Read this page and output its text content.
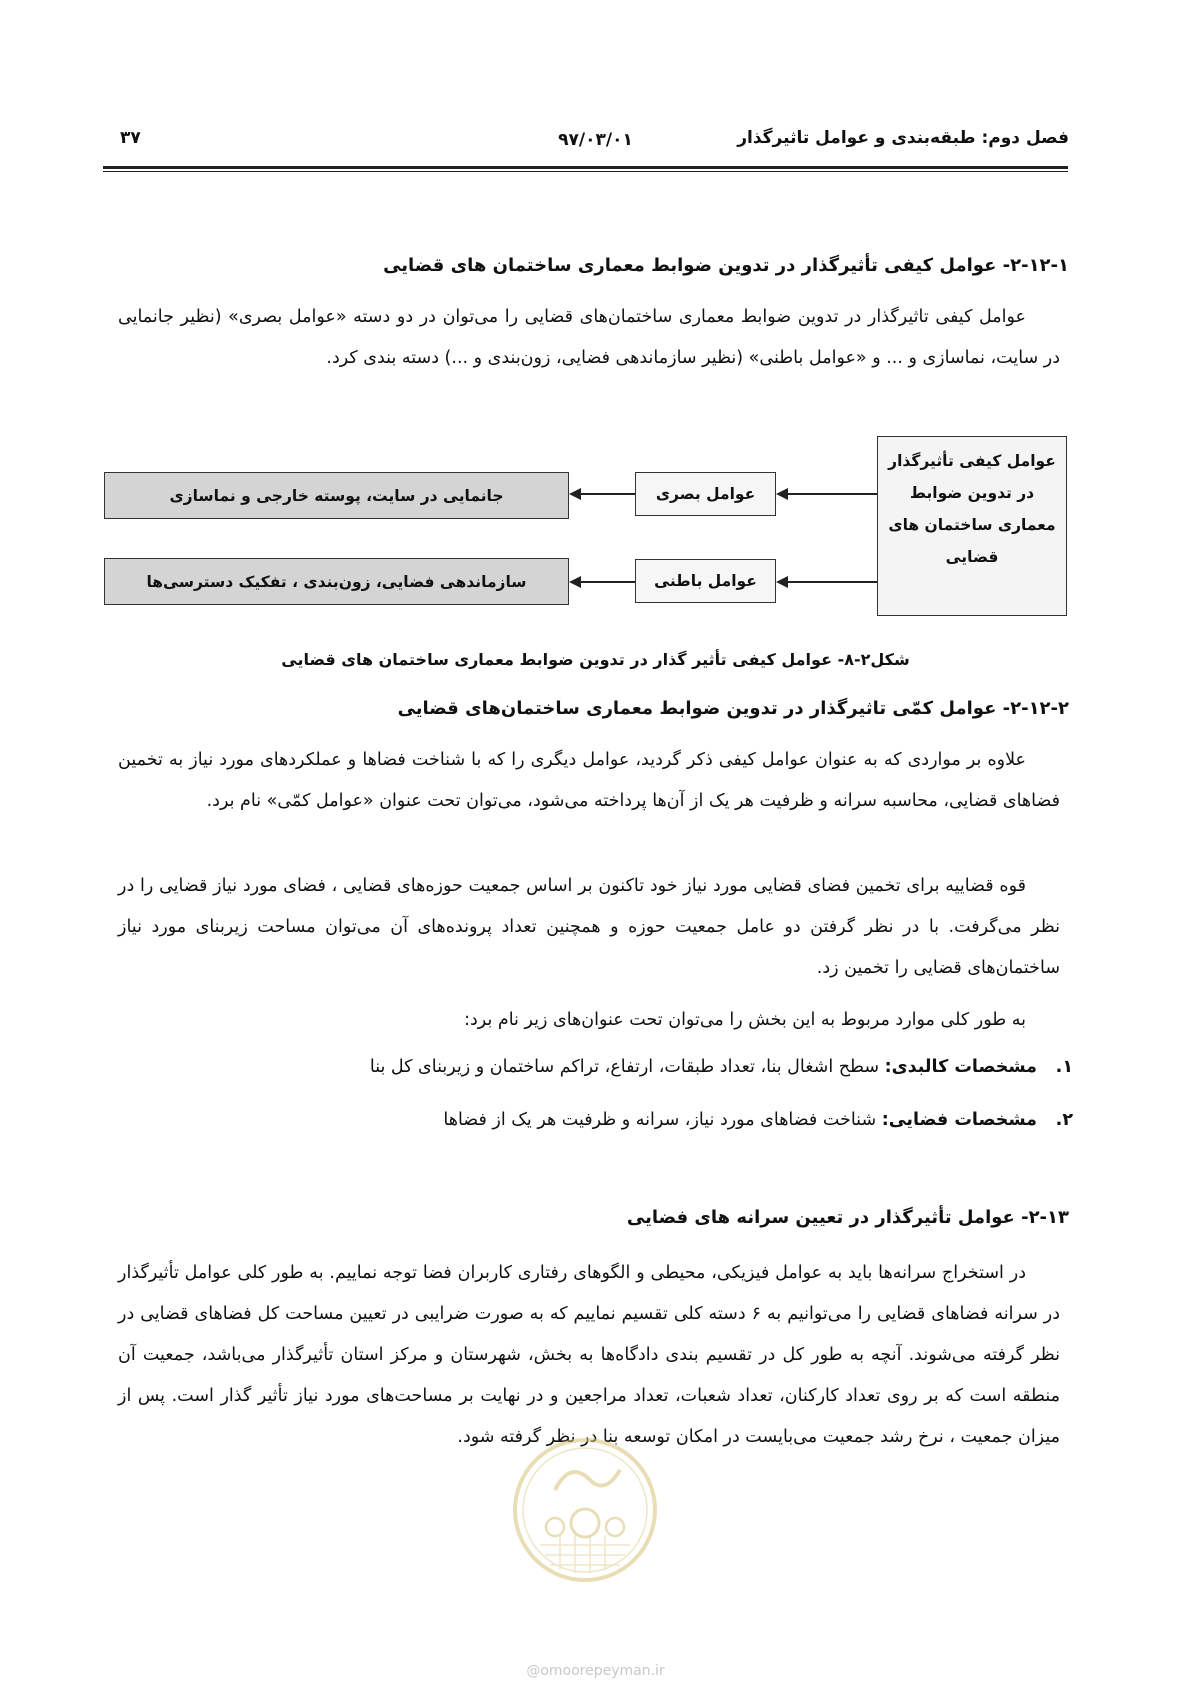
فصل دوم: طبقه‌بندی و عوامل تاثیرگذار
۹۷/۰۳/۰۱
۳۷
۲-۱۲-۱- عوامل کیفی تأثیرگذار در تدوین ضوابط معماری ساختمان های قضایی
عوامل کیفی تاثیرگذار در تدوین ضوابط معماری ساختمان‌های قضایی را می‌توان در دو دسته «عوامل بصری» (نظیر جانمایی در سایت، نماسازی و ... و «عوامل باطنی» (نظیر سازماندهی فضایی، زون‌بندی و ...) دسته بندی کرد.
عوامل کیفی تأثیرگذار
در تدوین ضوابط
معماری ساختمان های
قضایی
عوامل بصری
جانمایی در سایت، پوسته خارجی و نماسازی
عوامل باطنی
سازماندهی فضایی، زون‌بندی ، تفکیک دسترسی‌ها
شکل۲-۸- عوامل کیفی تأثیر گذار در تدوین ضوابط معماری ساختمان های قضایی
۲-۱۲-۲- عوامل کمّی تاثیرگذار در تدوین ضوابط معماری ساختمان‌های قضایی
علاوه بر مواردی که به عنوان عوامل کیفی ذکر گردید، عوامل دیگری را که با شناخت فضاها و عملکردهای مورد نیاز به تخمین فضاهای قضایی، محاسبه سرانه و ظرفیت هر یک از آن‌ها پرداخته می‌شود، می‌توان تحت عنوان «عوامل کمّی» نام برد.
قوه قضاییه برای تخمین فضای قضایی مورد نیاز خود تاکنون بر اساس جمعیت حوزه‌های قضایی ، فضای مورد نیاز قضایی را در نظر می‌گرفت. با در نظر گرفتن دو عامل جمعیت حوزه و همچنین تعداد پرونده‌های آن می‌توان مساحت زیربنای مورد نیاز ساختمان‌های قضایی را تخمین زد.
به طور کلی موارد مربوط به این بخش را می‌توان تحت عنوان‌های زیر نام برد:
۱.مشخصات کالبدی: سطح اشغال بنا، تعداد طبقات، ارتفاع، تراکم ساختمان و زیربنای کل بنا
۲.مشخصات فضایی: شناخت فضاهای مورد نیاز، سرانه و ظرفیت هر یک از فضاها
۲-۱۳- عوامل تأثیرگذار در تعیین سرانه های فضایی
در استخراج سرانه‌ها باید به عوامل فیزیکی، محیطی و الگوهای رفتاری کاربران فضا توجه نماییم. به طور کلی عوامل تأثیرگذار در سرانه فضاهای قضایی را می‌توانیم به ۶ دسته کلی تقسیم نماییم که به صورت ضرایبی در تعیین مساحت کل فضاهای قضایی در نظر گرفته می‌شوند. آنچه به طور کل در تقسیم بندی دادگاه‌ها به بخش، شهرستان و مرکز استان تأثیرگذار می‌باشد، جمعیت آن منطقه است که بر روی تعداد کارکنان، تعداد شعبات، تعداد مراجعین و در نهایت بر مساحت‌های مورد نیاز تأثیر گذار است. پس از میزان جمعیت ، نرخ رشد جمعیت می‌بایست در امکان توسعه بنا در نظر گرفته شود.
@omoorepeyman.ir
